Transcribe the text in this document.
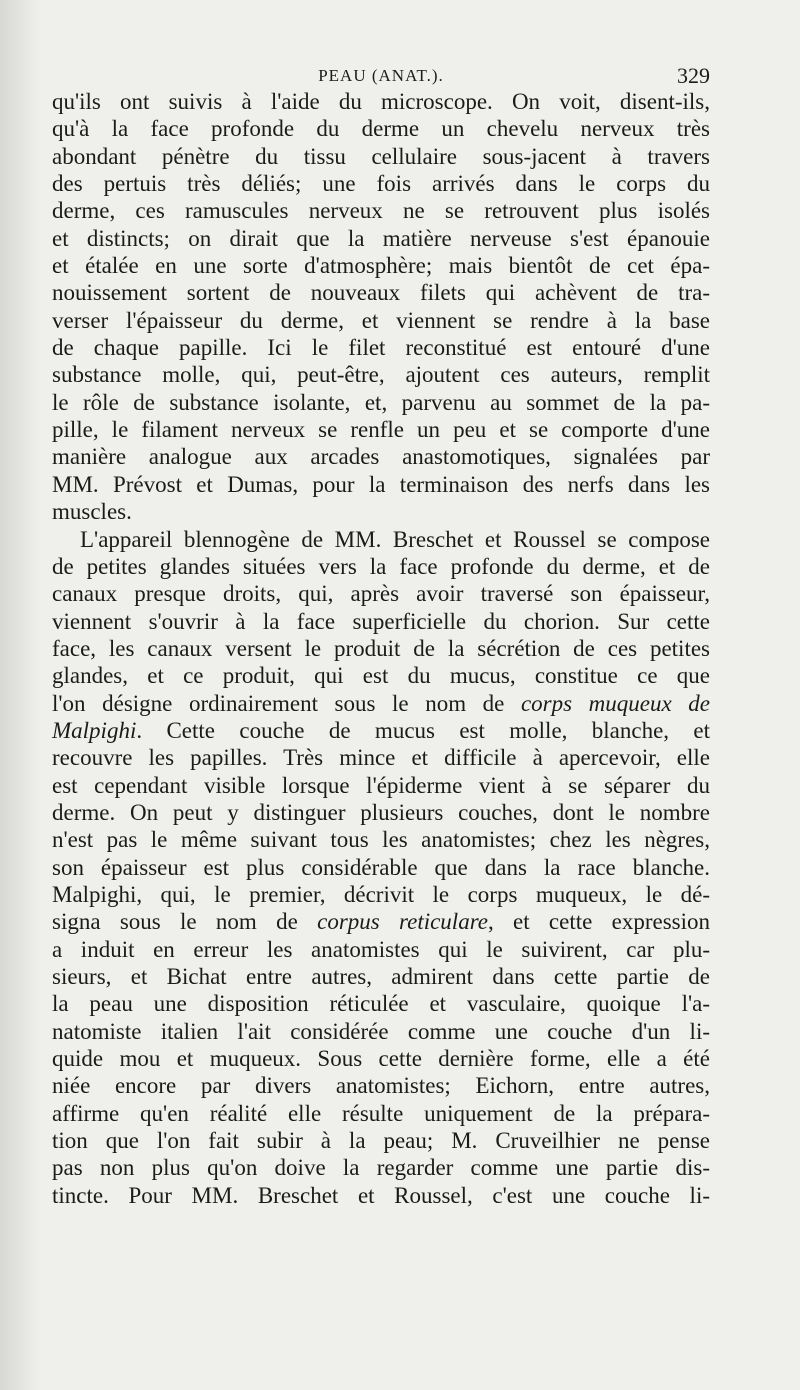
PEAU (ANAT.).	329

qu'ils ont suivis à l'aide du microscope. On voit, disent-ils,
qu'à la face profonde du derme un chevelu nerveux très
abondant pénètre du tissu cellulaire sous-jacent à travers
des pertuis très déliés; une fois arrivés dans le corps du
derme, ces ramuscules nerveux ne se retrouvent plus isolés
et distincts; on dirait que la matière nerveuse s'est épanouie
et étalée en une sorte d'atmosphère; mais bientôt de cet épa-
nouissement sortent de nouveaux filets qui achèvent de tra-
verser l'épaisseur du derme, et viennent se rendre à la base
de chaque papille. Ici le filet reconstitué est entouré d'une
substance molle, qui, peut-être, ajoutent ces auteurs, remplit
le rôle de substance isolante, et, parvenu au sommet de la pa-
pille, le filament nerveux se renfle un peu et se comporte d'une
manière analogue aux arcades anastomotiques, signalées par
MM. Prévost et Dumas, pour la terminaison des nerfs dans les
muscles.

L'appareil blennogène de MM. Breschet et Roussel se compose
de petites glandes situées vers la face profonde du derme, et de
canaux presque droits, qui, après avoir traversé son épaisseur,
viennent s'ouvrir à la face superficielle du chorion. Sur cette
face, les canaux versent le produit de la sécrétion de ces petites
glandes, et ce produit, qui est du mucus, constitue ce que
l'on désigne ordinairement sous le nom de corps muqueux de
Malpighi. Cette couche de mucus est molle, blanche, et
recouvre les papilles. Très mince et difficile à apercevoir, elle
est cependant visible lorsque l'épiderme vient à se séparer du
derme. On peut y distinguer plusieurs couches, dont le nombre
n'est pas le même suivant tous les anatomistes; chez les nègres,
son épaisseur est plus considérable que dans la race blanche.
Malpighi, qui, le premier, décrivit le corps muqueux, le dé-
signa sous le nom de corpus reticulare, et cette expression
a induit en erreur les anatomistes qui le suivirent, car plu-
sieurs, et Bichat entre autres, admirent dans cette partie de
la peau une disposition réticulée et vasculaire, quoique l'a-
natomiste italien l'ait considérée comme une couche d'un li-
quide mou et muqueux. Sous cette dernière forme, elle a été
niée encore par divers anatomistes; Eichorn, entre autres,
affirme qu'en réalité elle résulte uniquement de la prépara-
tion que l'on fait subir à la peau; M. Cruveilhier ne pense
pas non plus qu'on doive la regarder comme une partie dis-
tincte. Pour MM. Breschet et Roussel, c'est une couche li-
